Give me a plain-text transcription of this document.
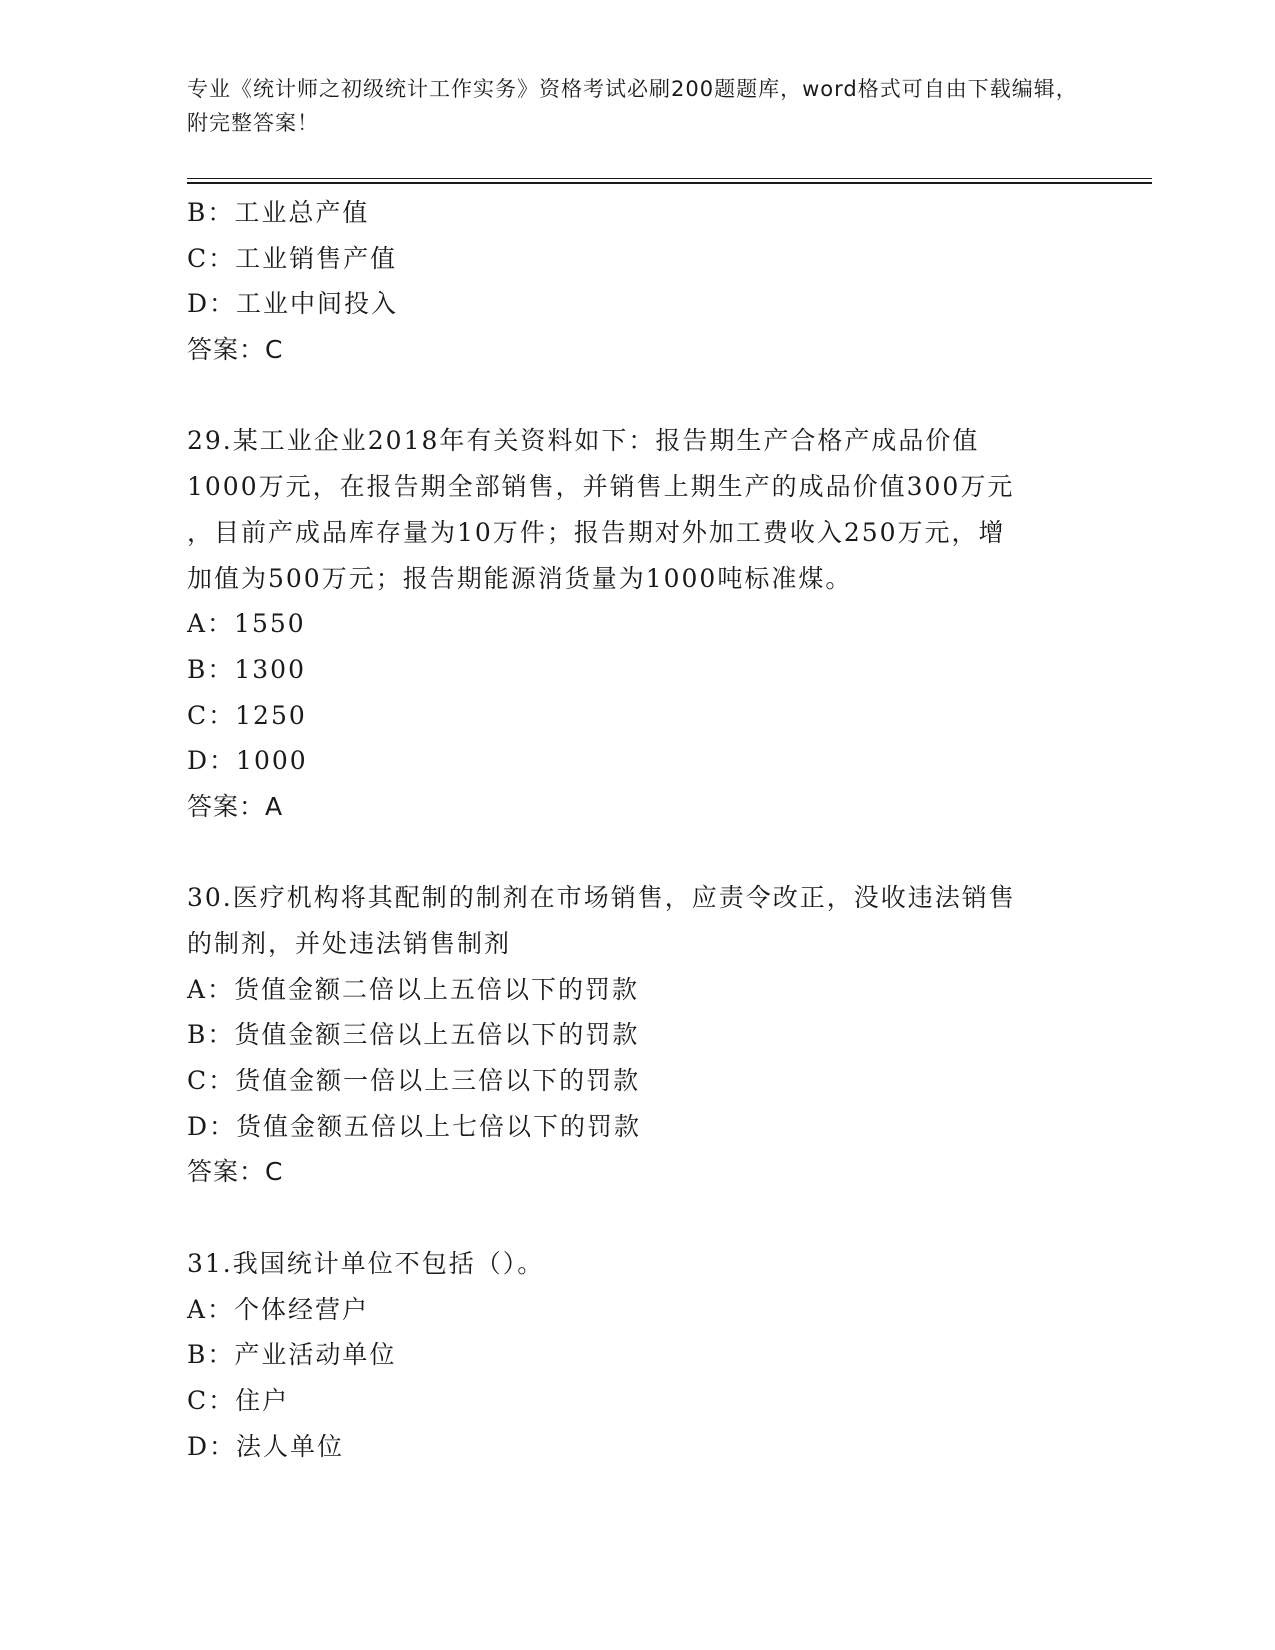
专业《统计师之初级统计工作实务》资格考试必刷200题题库，word格式可自由下载编辑，附完整答案！
B：工业总产值
C：工业销售产值
D：工业中间投入
答案：C
29.某工业企业2018年有关资料如下：报告期生产合格产成品价值
1000万元，在报告期全部销售，并销售上期生产的成品价值300万元
，目前产成品库存量为10万件；报告期对外加工费收入250万元，增
加值为500万元；报告期能源消货量为1000吨标准煤。
A：1550
B：1300
C：1250
D：1000
答案：A
30.医疗机构将其配制的制剂在市场销售，应责令改正，没收违法销售
的制剂，并处违法销售制剂
A：货值金额二倍以上五倍以下的罚款
B：货值金额三倍以上五倍以下的罚款
C：货值金额一倍以上三倍以下的罚款
D：货值金额五倍以上七倍以下的罚款
答案：C
31.我国统计单位不包括（）。
A：个体经营户
B：产业活动单位
C：住户
D：法人单位
